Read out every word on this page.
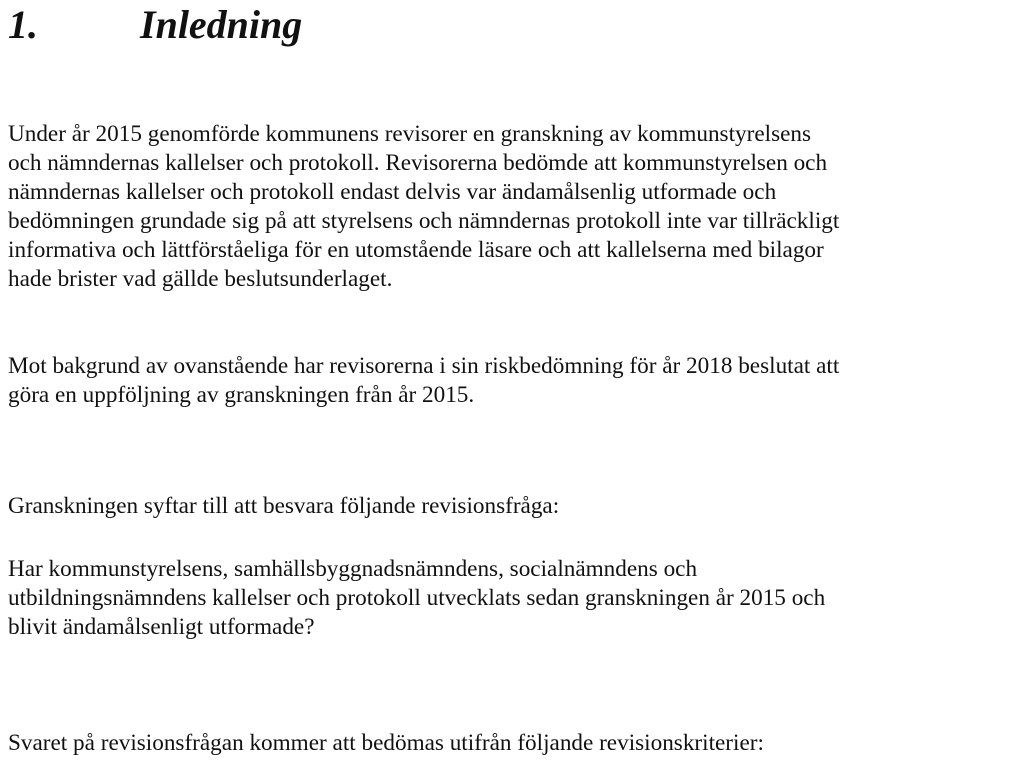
1.	Inledning
Under år 2015 genomförde kommunens revisorer en granskning av kommunstyrelsens
och nämndernas kallelser och protokoll. Revisorerna bedömde att kommunstyrelsen och
nämndernas kallelser och protokoll endast delvis var ändamålsenlig utformade och
bedömningen grundade sig på att styrelsens och nämndernas protokoll inte var tillräckligt
informativa och lättförståeliga för en utomstående läsare och att kallelserna med bilagor
hade brister vad gällde beslutsunderlaget.
Mot bakgrund av ovanstående har revisorerna i sin riskbedömning för år 2018 beslutat att
göra en uppföljning av granskningen från år 2015.
Granskningen syftar till att besvara följande revisionsfråga:
Har kommunstyrelsens, samhällsbyggnadsnämndens, socialnämndens och
utbildningsnämndens kallelser och protokoll utvecklats sedan granskningen år 2015 och
blivit ändamålsenligt utformade?
Svaret på revisionsfrågan kommer att bedömas utifrån följande revisionskriterier:
